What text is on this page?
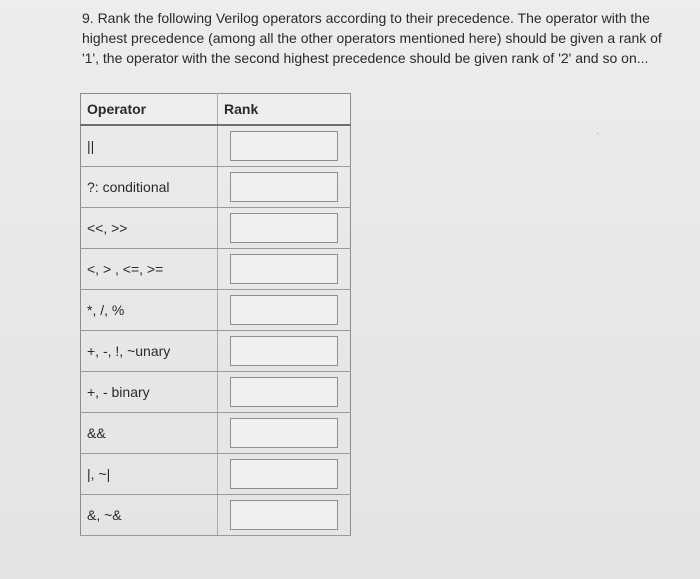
9. Rank the following Verilog operators according to their precedence. The operator with the highest precedence (among all the other operators mentioned here) should be given a rank of '1', the operator with the second highest precedence should be given rank of '2' and so on...
Operator	Rank
||	

?: conditional	

<<, >>	

<, > , <=, >=	

*, /, %	

+, -, !, ~unary	

+, - binary	

&&	

|, ~|	

&, ~&	
·
